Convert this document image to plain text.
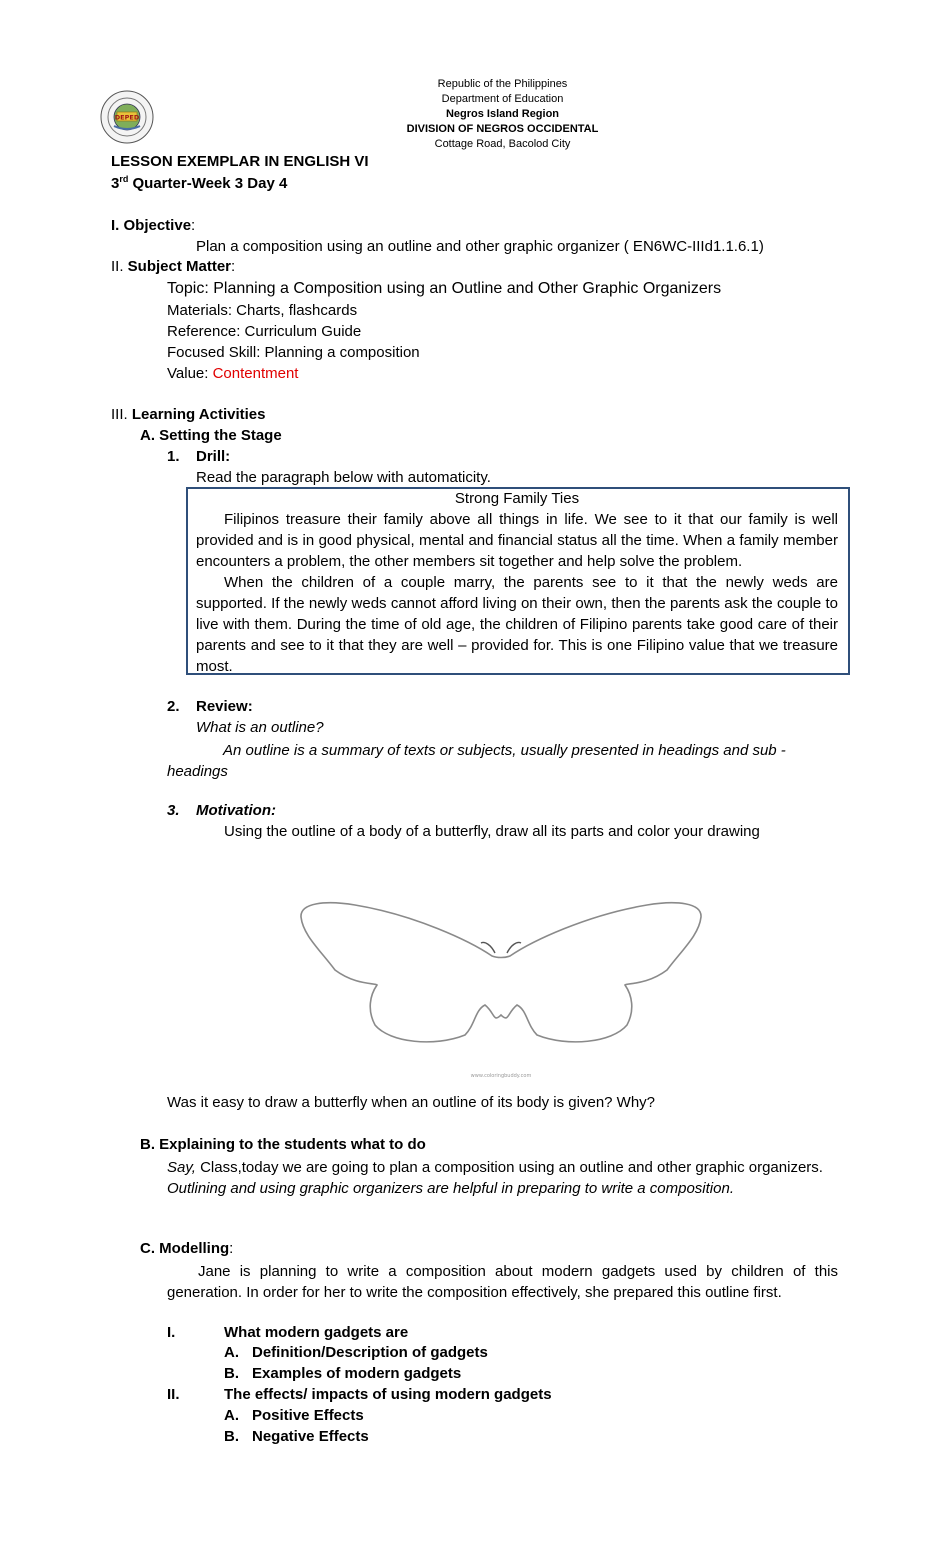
DEPED
Republic of the Philippines
Department of Education
Negros Island Region
DIVISION OF NEGROS OCCIDENTAL
Cottage Road, Bacolod City
LESSON EXEMPLAR IN ENGLISH VI
3rd Quarter-Week 3 Day 4
I. Objective:
Plan a composition using an outline and other graphic organizer ( EN6WC-IIId1.1.6.1)
II. Subject Matter:
Topic: Planning a Composition using an Outline and Other Graphic Organizers
Materials: Charts, flashcards
Reference: Curriculum Guide
Focused Skill: Planning a composition
Value: Contentment
III. Learning Activities
A. Setting the Stage
1. Drill:
Read the paragraph below with automaticity.

Strong Family Ties

Filipinos treasure their family above all things in life. We see to it that our family is well provided and is in good physical, mental and financial status all the time. When a family member encounters a problem, the other members sit together and help solve the problem.

When the children of a couple marry, the parents see to it that the newly weds are supported. If the newly weds cannot afford living on their own, then the parents ask the couple to live with them. During the time of old age, the children of Filipino parents take good care of their parents and see to it that they are well – provided for. This is one Filipino value that we treasure most.

2. Review:
What is an outline?
An outline is a summary of texts or subjects, usually presented in headings and sub - headings
3. Motivation:
Using the outline of a body of a butterfly, draw all its parts and color your drawing
www.coloringbuddy.com
Was it easy to draw a butterfly when an outline of its body is given? Why?
B. Explaining to the students what to do

Say, Class,today we are going to plan a composition using an outline and other graphic organizers.

Outlining and using graphic organizers are helpful in preparing to write a composition.

C. Modelling:
Jane is planning to write a composition about modern gadgets used by children of this generation. In order for her to write the composition effectively, she prepared this outline first.
I.	What modern gadgets are
A. Definition/Description of gadgets
B. Examples of modern gadgets
II.	The effects/ impacts of using modern gadgets
A. Positive Effects
B. Negative Effects
